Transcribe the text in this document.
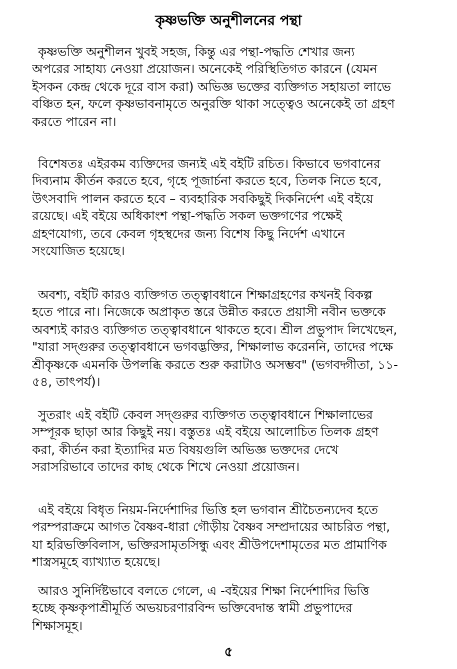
কৃষ্ণভক্তি অনুশীলনের পন্থা
কৃষ্ণভক্তি অনুশীলন খুবই সহজ, কিন্তু এর পন্থা-পদ্ধতি শেখার জন্য
অপরের সাহায্য নেওয়া প্রয়োজন। অনেকেই পরিস্থিতিগত কারনে (যেমন
ইসকন কেন্দ্র থেকে দূরে বাস করা) অভিজ্ঞ ভক্তের ব্যক্তিগত সহায়তা লাভে
বঞ্চিত হন, ফলে কৃষ্ণভাবনামৃতে অনুরক্তি থাকা সত্ত্বেও অনেকেই তা গ্রহণ
করতে পারেন না।
বিশেষতঃ এইরকম ব্যক্তিদের জন্যই এই বইটি রচিত। কিভাবে ভগবানের
দিব্যনাম কীর্তন করতে হবে, গৃহে পূজার্চনা করতে হবে, তিলক নিতে হবে,
উৎসবাদি পালন করতে হবে – ব্যবহারিক সবকিছুই দিকনির্দেশ এই বইয়ে
রয়েছে। এই বইয়ে অধিকাংশ পন্থা-পদ্ধতি সকল ভক্তগণের পক্ষেই
গ্রহণযোগ্য, তবে কেবল গৃহস্থদের জন্য বিশেষ কিছু নির্দেশ এখানে
সংযোজিত হয়েছে।
অবশ্য, বইটি কারও ব্যক্তিগত তত্ত্বাবধানে শিক্ষাগ্রহণের কখনই বিকল্প
হতে পারে না। নিজেকে অপ্রাকৃত স্তরে উন্নীত করতে প্রয়াসী নবীন ভক্তকে
অবশ্যই কারও ব্যক্তিগত তত্ত্বাবধানে থাকতে হবে। শ্রীল প্রভুপাদ লিখেছেন,
"যারা সদ্গুরুর তত্ত্বাবধানে ভগবদ্ভক্তির, শিক্ষালাভ করেননি, তাদের পক্ষে
শ্রীকৃষ্ণকে এমনকি উপলব্ধি করতে শুরু করাটাও অসম্ভব" (ভগবদ্গীতা, ১১-
৫৪, তাৎপর্য)।
সুতরাং এই বইটি কেবল সদ্গুরুর ব্যক্তিগত তত্ত্বাবধানে শিক্ষালাভের
সম্পূরক ছাড়া আর কিছুই নয়। বস্তুতঃ এই বইয়ে আলোচিত তিলক গ্রহণ
করা, কীর্তন করা ইত্যাদির মত বিষয়গুলি অভিজ্ঞ ভক্তদের দেখে
সরাসরিভাবে তাদের কাছ থেকে শিখে নেওয়া প্রয়োজন।
এই বইয়ে বিধৃত নিয়ম-নির্দেশাদির ভিত্তি হল ভগবান শ্রীচৈতন্যদেব হতে
পরম্পরাক্রমে আগত বৈষ্ণব-ধারা গৌড়ীয় বৈষ্ণব সম্প্রদায়ের আচরিত পন্থা,
যা হরিভক্তিবিলাস, ভক্তিরসামৃতসিন্ধু এবং শ্রীউপদেশামৃতের মত প্রামাণিক
শাস্ত্রসমূহে ব্যাখ্যাত হয়েছে।
আরও সুনির্দিষ্টভাবে বলতে গেলে, এ -বইয়ের শিক্ষা নির্দেশাদির ভিত্তি
হচ্ছে কৃষ্ণকৃপাশ্রীমূর্তি অভয়চরণারবিন্দ ভক্তিবেদান্ত স্বামী প্রভুপাদের
শিক্ষাসমূহ।
৫
